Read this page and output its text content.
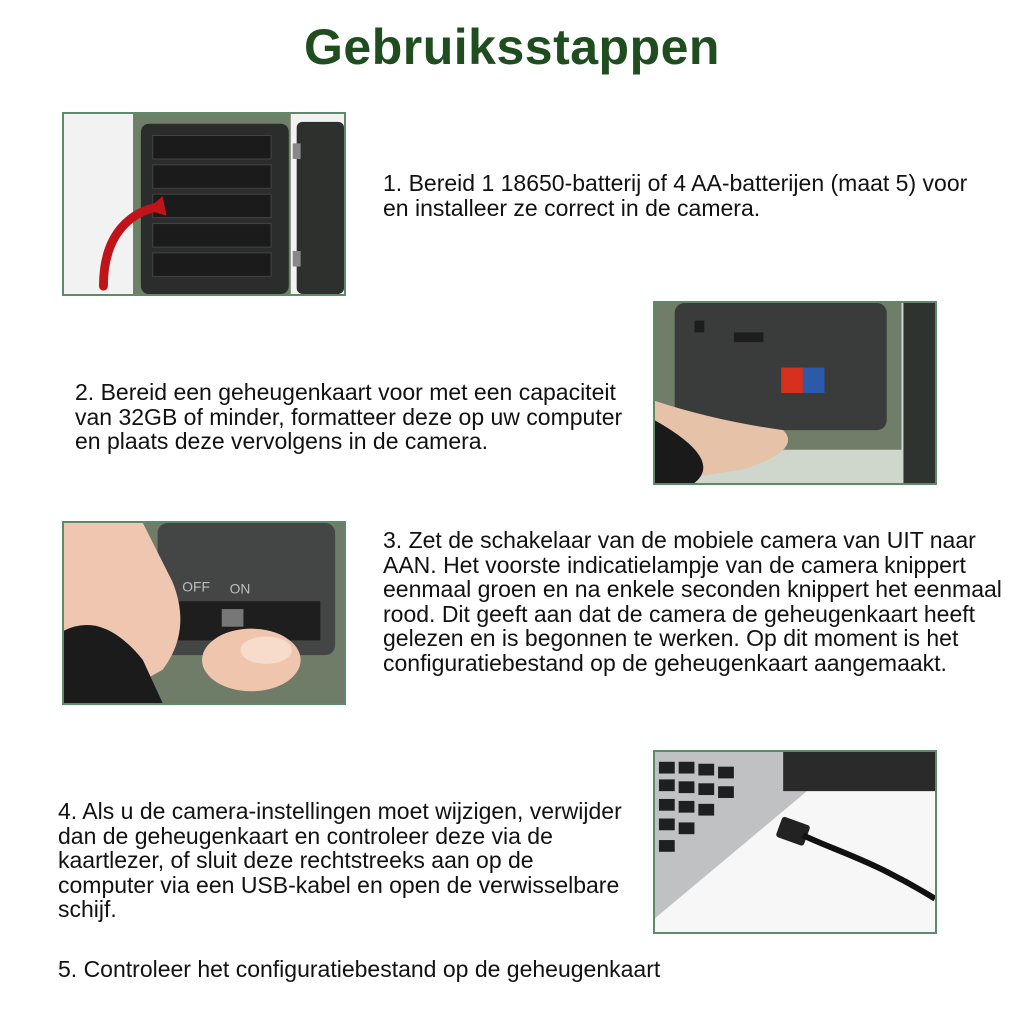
Gebruiksstappen
1. Bereid 1 18650-batterij of 4 AA-batterijen (maat 5) voor en installeer ze correct in de camera.
2. Bereid een geheugenkaart voor met een capaciteit van 32GB of minder, formatteer deze op uw computer en plaats deze vervolgens in de camera.
OFF ON
3. Zet de schakelaar van de mobiele camera van UIT naar AAN. Het voorste indicatielampje van de camera knippert eenmaal groen en na enkele seconden knippert het eenmaal rood. Dit geeft aan dat de camera de geheugenkaart heeft gelezen en is begonnen te werken. Op dit moment is het configuratiebestand op de geheugenkaart aangemaakt.
4. Als u de camera-instellingen moet wijzigen, verwijder dan de geheugenkaart en controleer deze via de kaartlezer, of sluit deze rechtstreeks aan op de computer via een USB-kabel en open de verwisselbare schijf.
5. Controleer het configuratiebestand op de geheugenkaart
